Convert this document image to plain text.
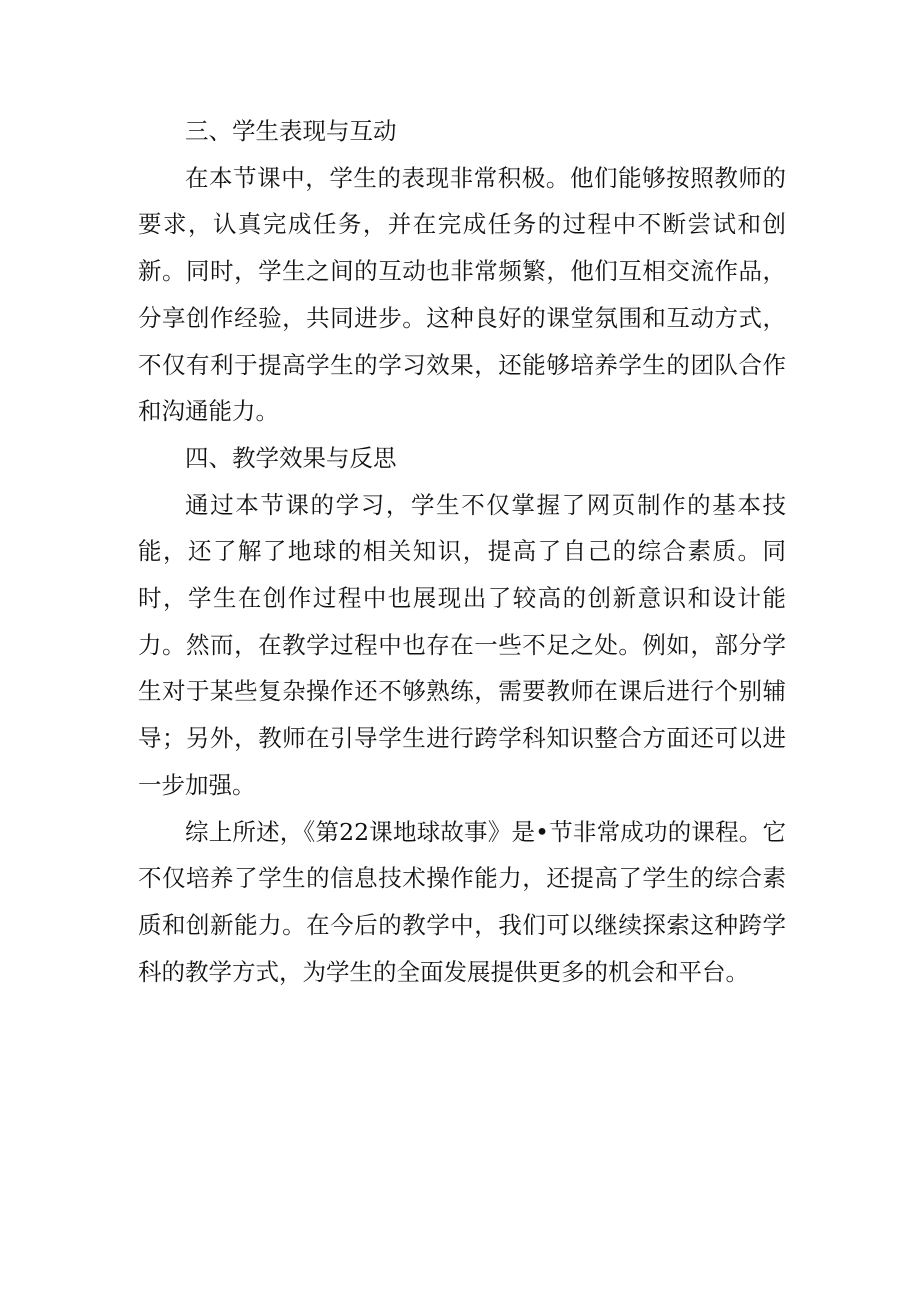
三、学生表现与互动

在本节课中，学生的表现非常积极。他们能够按照教师的要求，认真完成任务，并在完成任务的过程中不断尝试和创新。同时，学生之间的互动也非常频繁，他们互相交流作品，分享创作经验，共同进步。这种良好的课堂氛围和互动方式，不仅有利于提高学生的学习效果，还能够培养学生的团队合作和沟通能力。

四、教学效果与反思

通过本节课的学习，学生不仅掌握了网页制作的基本技能，还了解了地球的相关知识，提高了自己的综合素质。同时，学生在创作过程中也展现出了较高的创新意识和设计能力。然而，在教学过程中也存在一些不足之处。例如，部分学生对于某些复杂操作还不够熟练，需要教师在课后进行个别辅导；另外，教师在引导学生进行跨学科知识整合方面还可以进一步加强。

综上所述，《第22课地球故事》是•节非常成功的课程。它不仅培养了学生的信息技术操作能力，还提高了学生的综合素质和创新能力。在今后的教学中，我们可以继续探索这种跨学科的教学方式，为学生的全面发展提供更多的机会和平台。
